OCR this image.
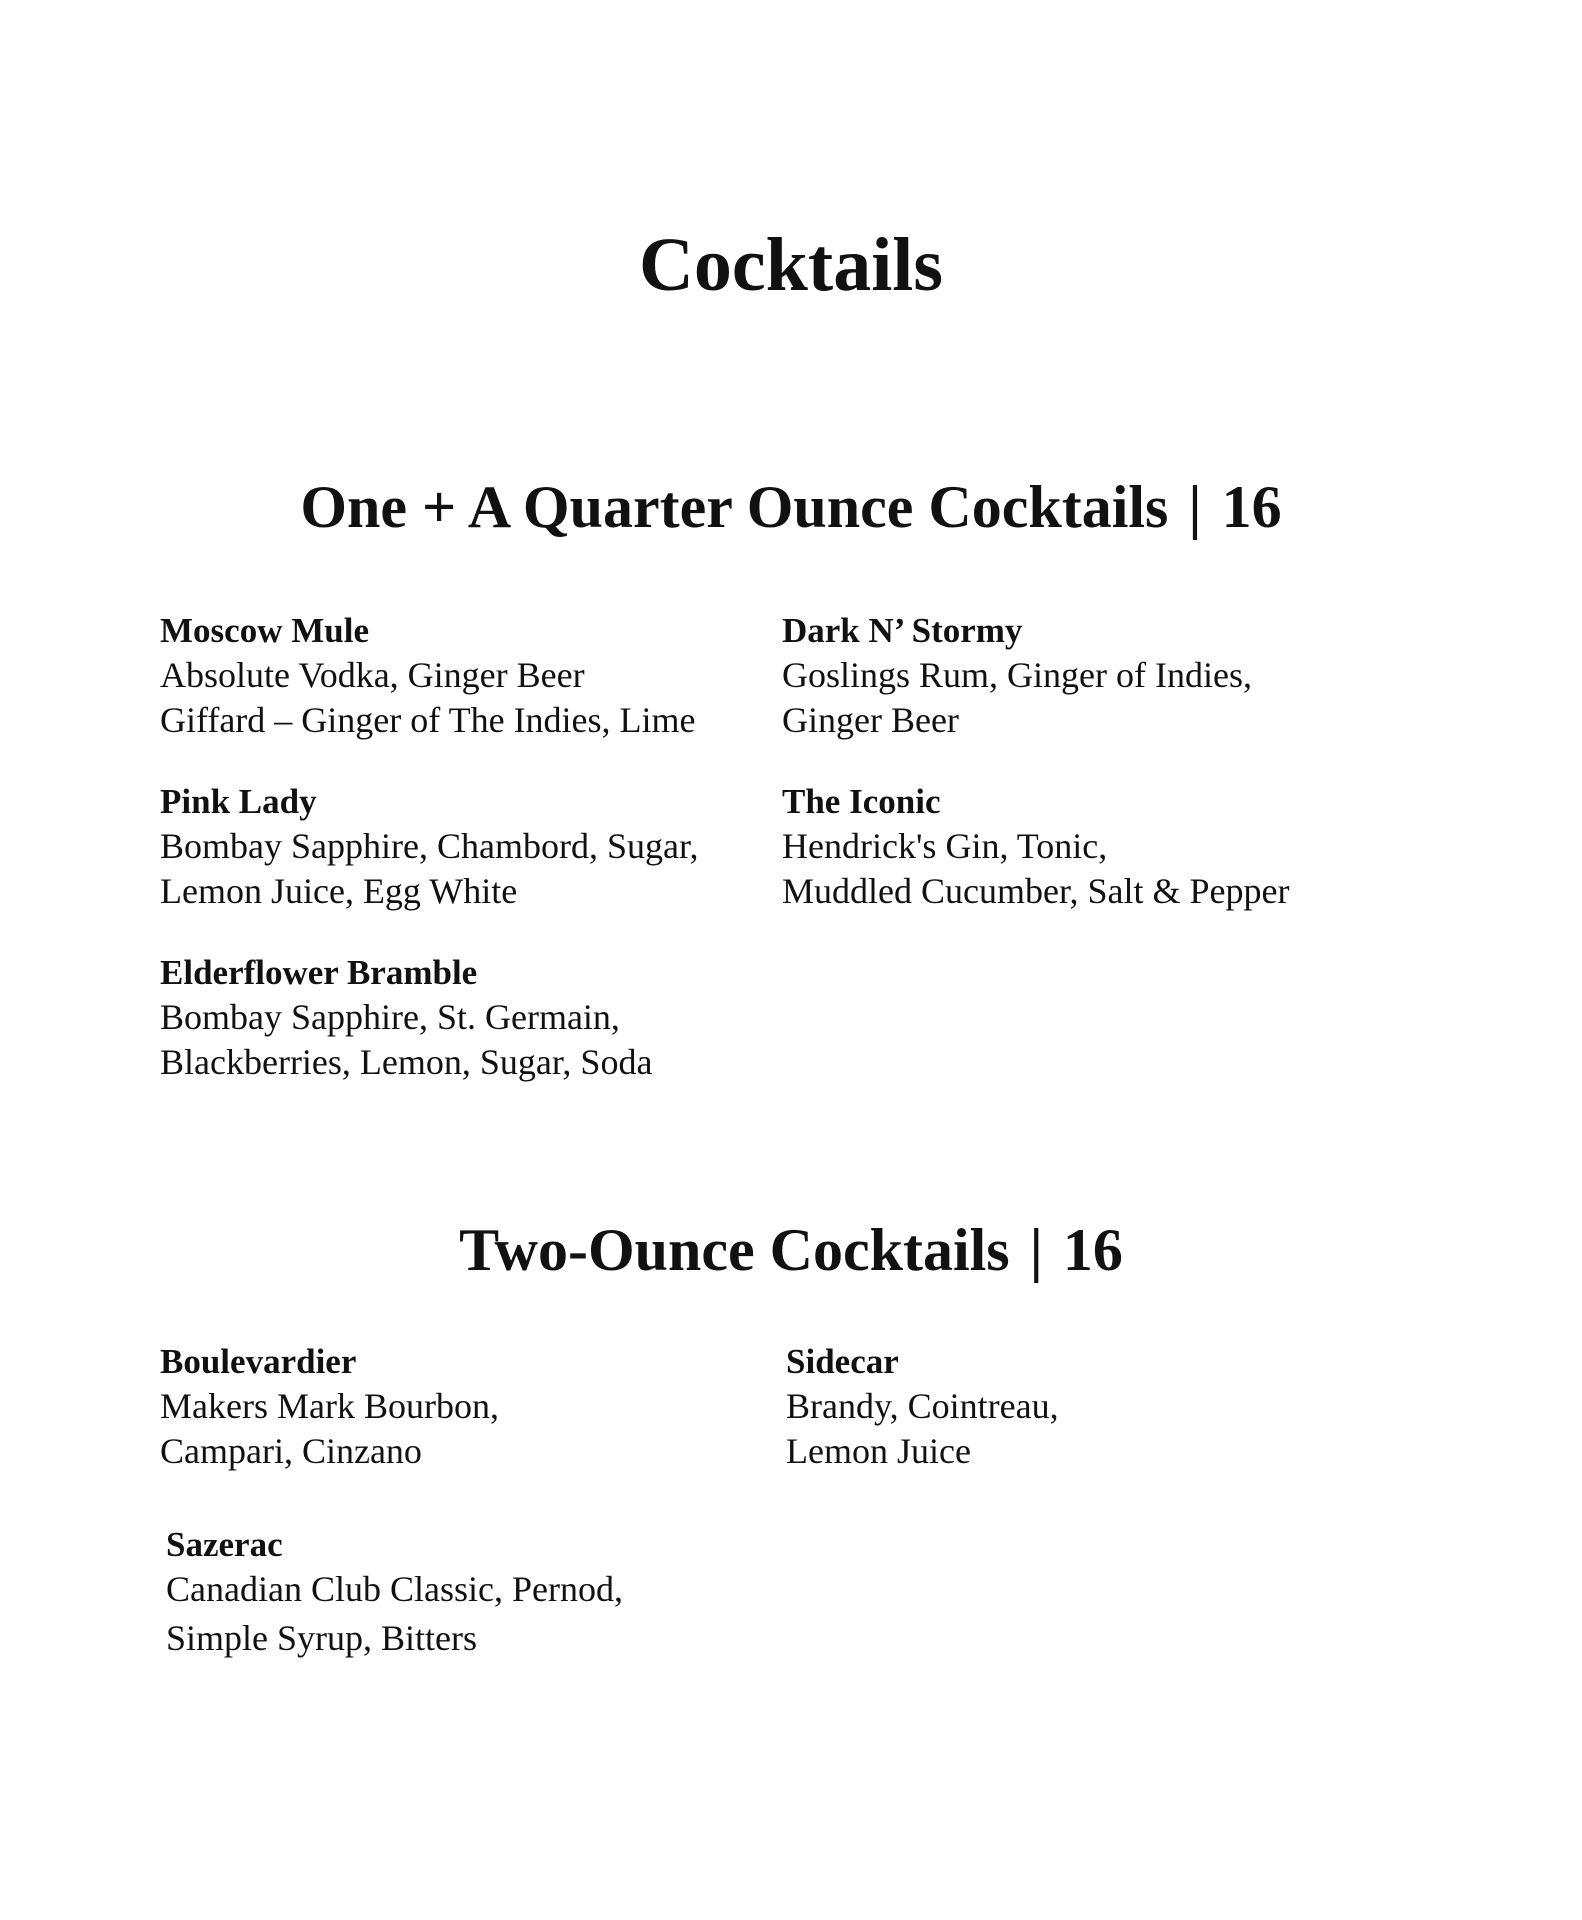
Cocktails
One + A Quarter Ounce Cocktails | 16
Moscow Mule
Absolute Vodka, Ginger Beer
Giffard – Ginger of The Indies, Lime
Dark N’ Stormy
Goslings Rum, Ginger of Indies,
Ginger Beer
Pink Lady
Bombay Sapphire, Chambord, Sugar,
Lemon Juice, Egg White
The Iconic
Hendrick's Gin, Tonic,
Muddled Cucumber, Salt & Pepper
Elderflower Bramble
Bombay Sapphire, St. Germain,
Blackberries, Lemon, Sugar, Soda
Two-Ounce Cocktails | 16
Boulevardier
Makers Mark Bourbon,
Campari, Cinzano
Sidecar
Brandy, Cointreau,
Lemon Juice
Sazerac
Canadian Club Classic, Pernod,
Simple Syrup, Bitters
